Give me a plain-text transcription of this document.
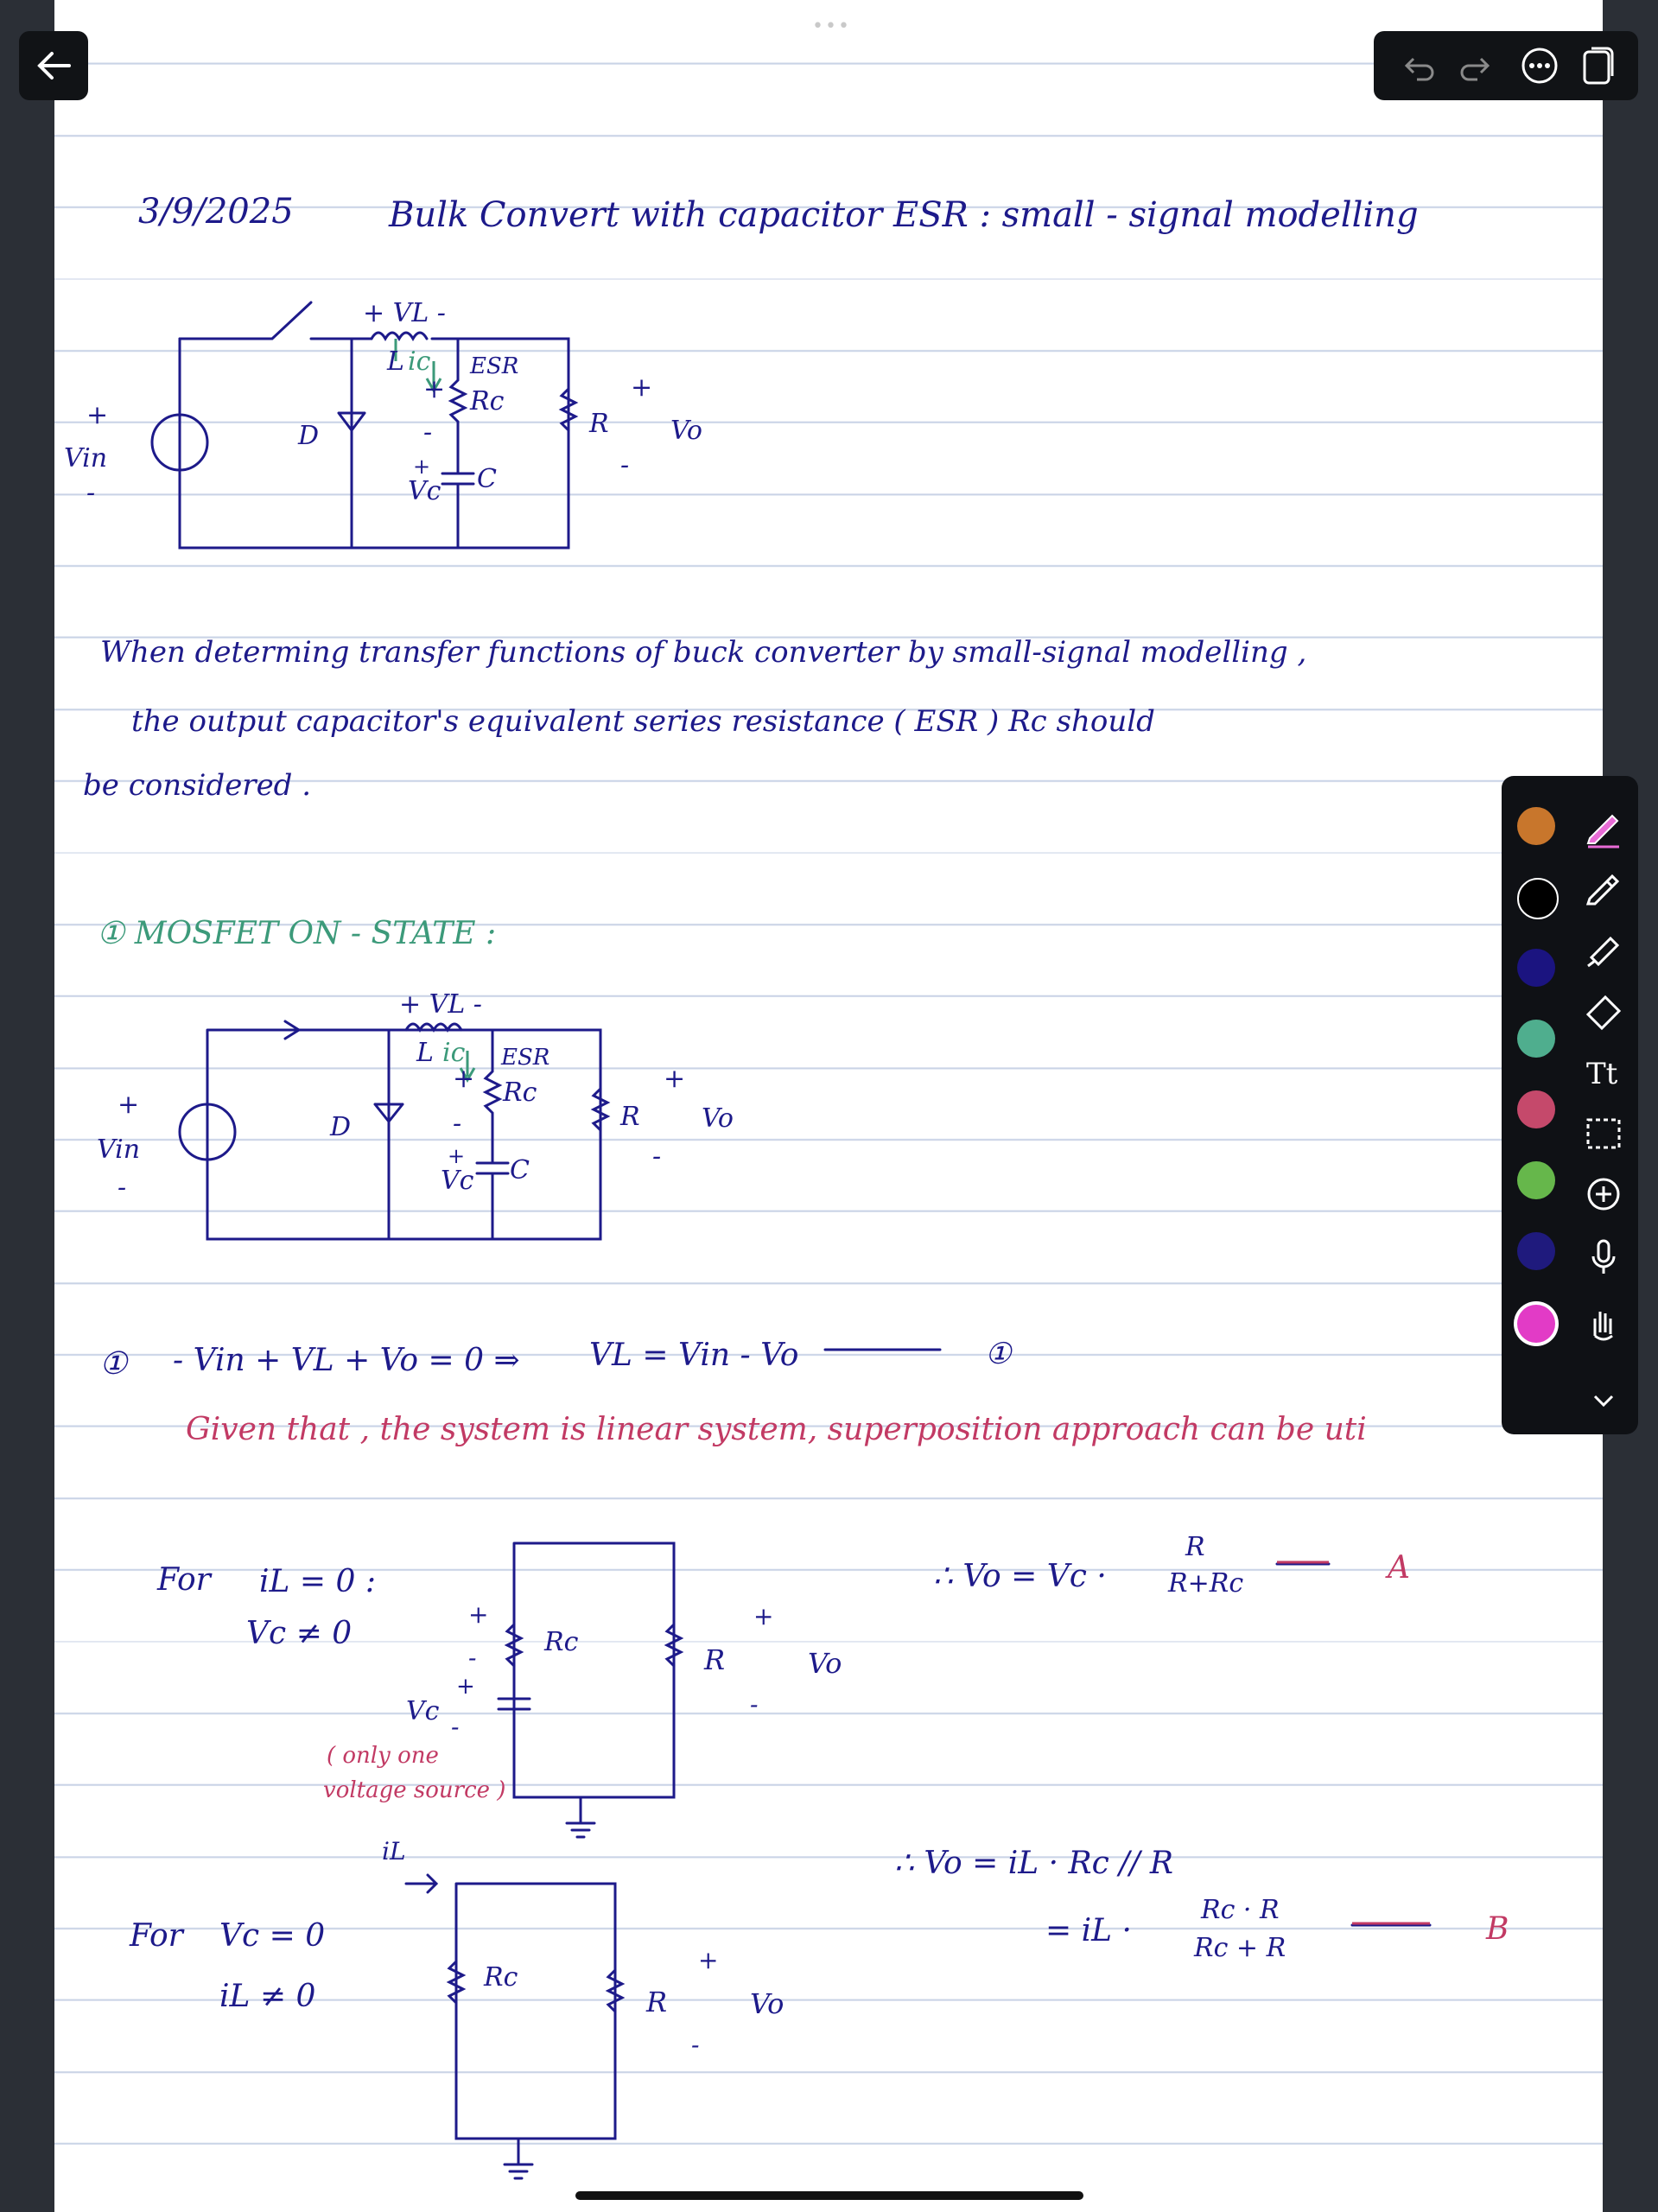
3/9/2025	Bulk Convert with capacitor ESR : small - signal modelling
+ VL -
L ic ESR
Rc
+
-
+
Vc C
D	R
+
Vo
-
+
Vin
-
When determing transfer functions of buck converter by small-signal modelling ,
the output capacitor's equivalent series resistance ( ESR ) Rc should
be considered .
+ VL -
L ic ESR
Rc
+
-
+
Vc C
D	R
+
Vo
-
+
Vin
-
① - Vin + VL + Vo = 0 ⇒ VL = Vin - Vo	①
For iL = 0 :
Vc ≠ 0
Vc
Rc
R	Vo
+
-
+
-
+
-
( only one
voltage source )
∴ Vo = Vc ·
R
R+Rc	A
For Vc = 0
iL ≠ 0
iL
Rc
R	Vo
+
-
∴ Vo = iL · Rc // R
= iL ·
Rc · R
Rc + R
B
① MOSFET ON - STATE :
Given that , the system is linear system, superposition approach can be uti
•••
Tt
